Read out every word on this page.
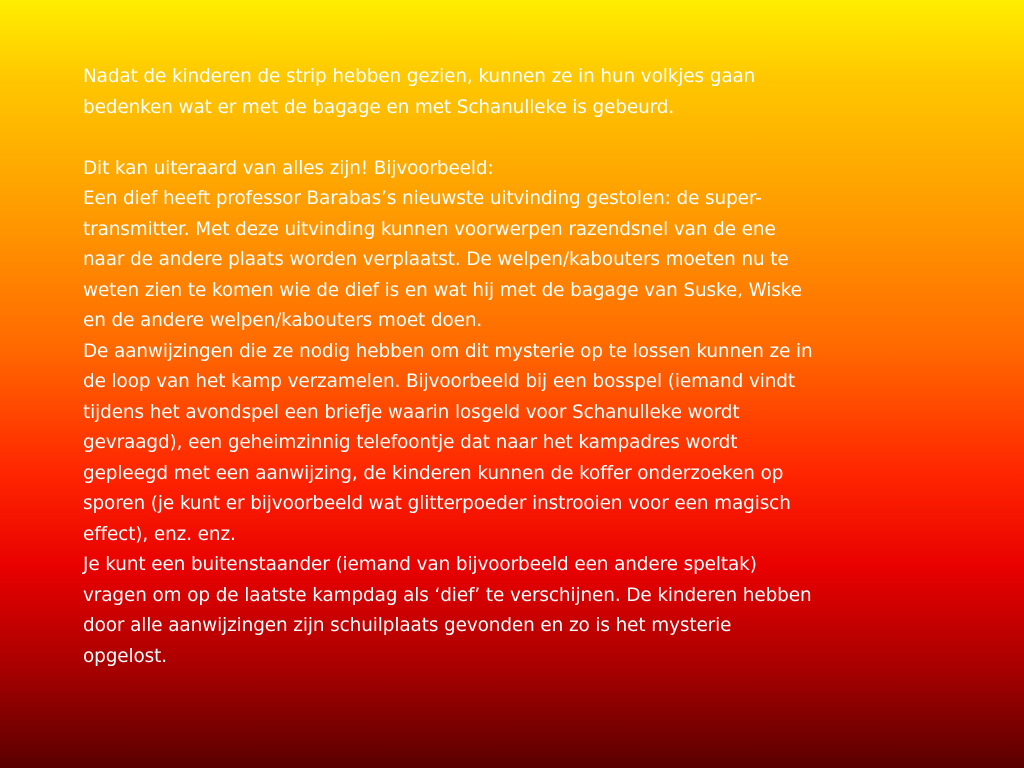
Nadat de kinderen de strip hebben gezien, kunnen ze in hun volkjes gaan
bedenken wat er met de bagage en met Schanulleke is gebeurd.

Dit kan uiteraard van alles zijn! Bijvoorbeeld:

Een dief heeft professor Barabas’s nieuwste uitvinding gestolen: de super-
transmitter. Met deze uitvinding kunnen voorwerpen razendsnel van de ene
naar de andere plaats worden verplaatst. De welpen/kabouters moeten nu te
weten zien te komen wie de dief is en wat hij met de bagage van Suske, Wiske
en de andere welpen/kabouters moet doen.

De aanwijzingen die ze nodig hebben om dit mysterie op te lossen kunnen ze in
de loop van het kamp verzamelen. Bijvoorbeeld bij een bosspel (iemand vindt
tijdens het avondspel een briefje waarin losgeld voor Schanulleke wordt
gevraagd), een geheimzinnig telefoontje dat naar het kampadres wordt
gepleegd met een aanwijzing, de kinderen kunnen de koffer onderzoeken op
sporen (je kunt er bijvoorbeeld wat glitterpoeder instrooien voor een magisch
effect), enz. enz.

Je kunt een buitenstaander (iemand van bijvoorbeeld een andere speltak)
vragen om op de laatste kampdag als ‘dief’ te verschijnen. De kinderen hebben
door alle aanwijzingen zijn schuilplaats gevonden en zo is het mysterie
opgelost.
